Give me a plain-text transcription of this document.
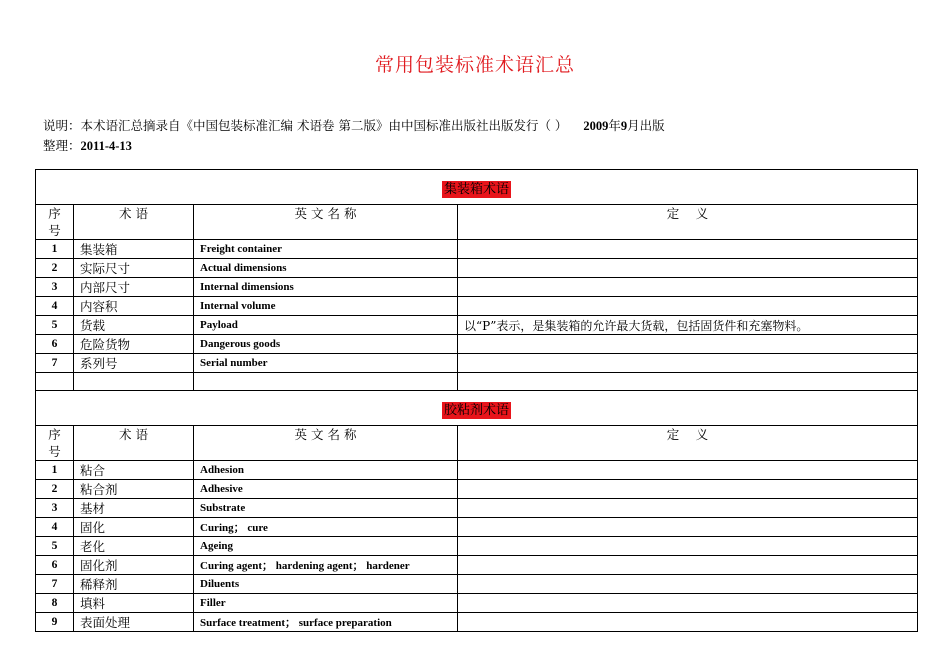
常用包装标准术语汇总
说明：本术语汇总摘录自《中国包装标准汇编 术语卷 第二版》由中国标准出版社出版发行（ ） 2009年9月出版
整理：2011-4-13
集装箱术语			

序
号	术 语	英 文 名 称	定　 义
1	集装箱	Freight container	
2	实际尺寸	Actual dimensions	
3	内部尺寸	Internal dimensions	
4	内容积	Internal volume	
5	货载	Payload	以“P”表示，是集装箱的允许最大货载，包括固货件和充塞物料。
6	危险货物	Dangerous goods	
7	系列号	Serial number	

胶粘剂术语			

序
号	术 语	英 文 名 称	定　 义
1	粘合	Adhesion	
2	粘合剂	Adhesive	
3	基材	Substrate	
4	固化	Curing； cure	
5	老化	Ageing	
6	固化剂	Curing agent； hardening agent； hardener	
7	稀释剂	Diluents	
8	填料	Filler	
9	表面处理	Surface treatment； surface preparation	
